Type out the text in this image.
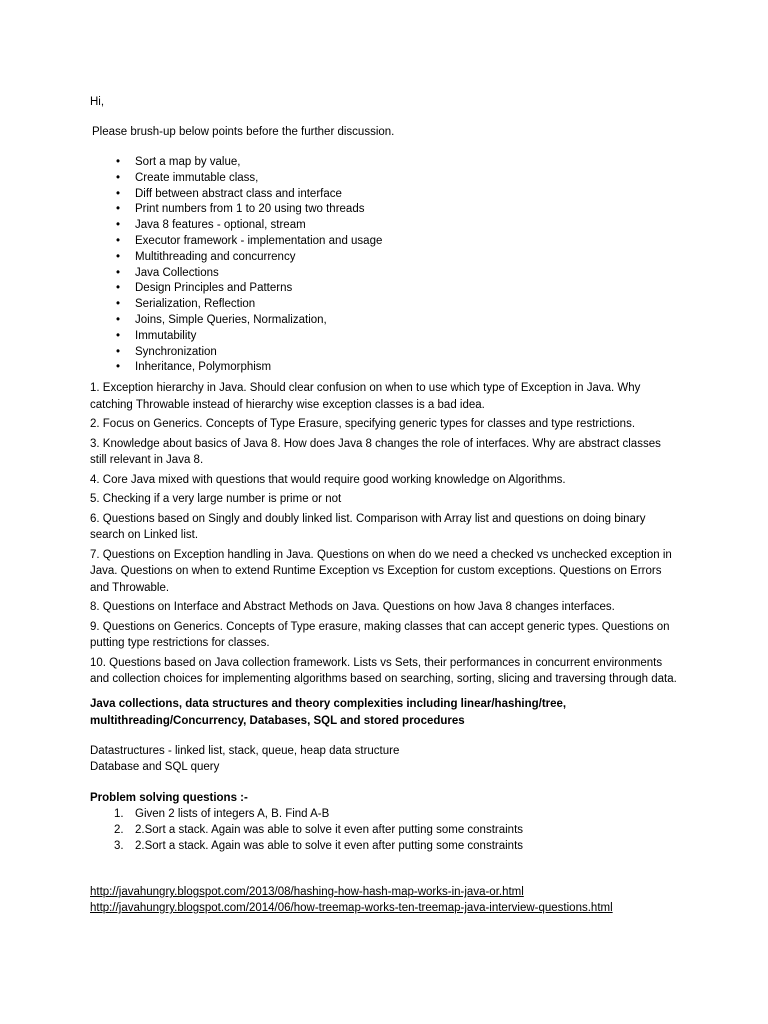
Hi,
Please brush-up below points before the further discussion.
• Sort a map by value,
• Create immutable class,
• Diff between abstract class and interface
• Print numbers from 1 to 20 using two threads
• Java 8 features - optional, stream
• Executor framework - implementation and usage
• Multithreading and concurrency
• Java Collections
• Design Principles and Patterns
• Serialization, Reflection
• Joins, Simple Queries, Normalization,
• Immutability
• Synchronization
• Inheritance, Polymorphism

1. Exception hierarchy in Java. Should clear confusion on when to use which type of Exception in Java. Why catching Throwable instead of hierarchy wise exception classes is a bad idea.

2. Focus on Generics. Concepts of Type Erasure, specifying generic types for classes and type restrictions.

3. Knowledge about basics of Java 8. How does Java 8 changes the role of interfaces. Why are abstract classes still relevant in Java 8.

4. Core Java mixed with questions that would require good working knowledge on Algorithms.

5. Checking if a very large number is prime or not

6. Questions based on Singly and doubly linked list. Comparison with Array list and questions on doing binary search on Linked list.

7. Questions on Exception handling in Java. Questions on when do we need a checked vs unchecked exception in Java. Questions on when to extend Runtime Exception vs Exception for custom exceptions. Questions on Errors and Throwable.

8. Questions on Interface and Abstract Methods on Java. Questions on how Java 8 changes interfaces.

9. Questions on Generics. Concepts of Type erasure, making classes that can accept generic types. Questions on putting type restrictions for classes.

10. Questions based on Java collection framework. Lists vs Sets, their performances in concurrent environments and collection choices for implementing algorithms based on searching, sorting, slicing and traversing through data.

Java collections, data structures and theory complexities including linear/hashing/tree, multithreading/Concurrency, Databases, SQL and stored procedures

Datastructures - linked list, stack, queue, heap data structure
Database and SQL query
Problem solving questions :-
1. Given 2 lists of integers A, B. Find A-B
2. 2.Sort a stack. Again was able to solve it even after putting some constraints
3. 2.Sort a stack. Again was able to solve it even after putting some constraints
http://javahungry.blogspot.com/2013/08/hashing-how-hash-map-works-in-java-or.html
http://javahungry.blogspot.com/2014/06/how-treemap-works-ten-treemap-java-interview-questions.html
